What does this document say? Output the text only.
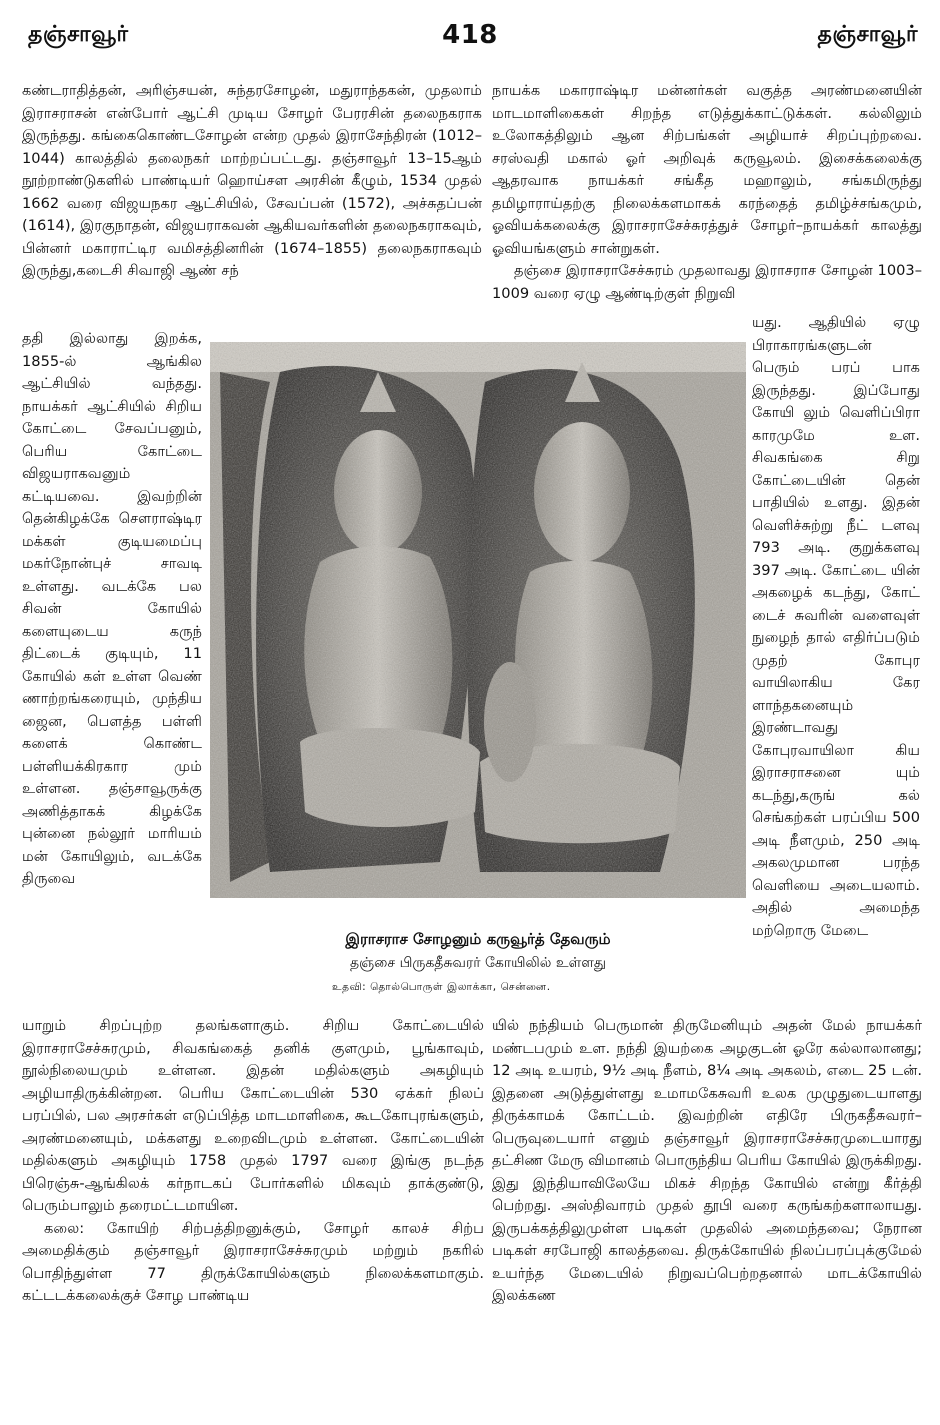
தஞ்சாவூர்	418	தஞ்சாவூர்

கண்டராதித்தன், அரிஞ்சயன், சுந்தரசோழன், மதுராந்தகன், முதலாம் இராசராசன் என்போர் ஆட்சி முடிய சோழர் பேரரசின் தலைநகராக இருந்தது. கங்கைகொண்டசோழன் என்ற முதல் இராசேந்திரன் (1012–1044) காலத்தில் தலைநகர் மாற்றப்பட்டது. தஞ்சாவூர் 13–15ஆம் நூற்றாண்டுகளில் பாண்டியர் ஹொய்சள அரசின் கீழும், 1534 முதல் 1662 வரை விஜயநகர ஆட்சியில், சேவப்பன் (1572), அச்சுதப்பன் (1614), இரகுநாதன், விஜயராகவன் ஆகியவர்களின் தலைநகராகவும், பின்னர் மகாராட்டிர வமிசத்தினரின் (1674–1855) தலைநகராகவும் இருந்து,கடைசி சிவாஜி ஆண் சந்

நாயக்க மகாராஷ்டிர மன்னர்கள் வகுத்த அரண்மனையின் மாடமாளிகைகள் சிறந்த எடுத்துக்காட்டுக்கள். கல்லிலும் உலோகத்திலும் ஆன சிற்பங்கள் அழியாச் சிறப்புற்றவை. சரஸ்வதி மகால் ஓர் அறிவுக் கருவூலம். இசைக்கலைக்கு ஆதரவாக நாயக்கர் சங்கீத மஹாலும், சங்கமிருந்து தமிழாராய்தற்கு நிலைக்களமாகக் கரந்தைத் தமிழ்ச்சங்கமும், ஓவியக்கலைக்கு இராசராசேச்சுரத்துச் சோழர்–நாயக்கர் காலத்து ஓவியங்களும் சான்றுகள்.

தஞ்சை இராசராசேச்சுரம் முதலாவது இராசராச சோழன் 1003–1009 வரை ஏழு ஆண்டிற்குள் நிறுவி

ததி இல்லாது இறக்க, 1855-ல் ஆங்கில ஆட்சியில் வந்தது. நாயக்கர் ஆட்சியில் சிறிய கோட்டை சேவப்பனும், பெரிய கோட்டை விஜயராகவனும் கட்டியவை. இவற்றின் தென்கிழக்கே சௌராஷ்டிர மக்கள் குடியமைப்பு மகர்நோன்புச் சாவடி உள்ளது. வடக்கே பல சிவன் கோயில் களையுடைய கருந் திட்டைக் குடியும், 11 கோயில் கள் உள்ள வெண் ணாற்றங்கரையும், முந்திய ஜைன, பௌத்த பள்ளி களைக் கொண்ட பள்ளியக்கிரகார மும் உள்ளன. தஞ்சாவூருக்கு அணித்தாகக் கிழக்கே புன்னை நல்லூர் மாரியம் மன் கோயிலும், வடக்கே திருவை

யது. ஆதியில் ஏழு பிராகாரங்களுடன் பெரும் பரப் பாக இருந்தது. இப்போது கோயி லும் வெளிப்பிரா காரமுமே உள. சிவகங்கை சிறு கோட்டையின் தென் பாதியில் உளது. இதன் வெளிச்சுற்று நீட் டளவு 793 அடி. குறுக்களவு 397 அடி. கோட்டை யின் அகழைக் கடந்து, கோட் டைச் சுவரின் வளைவுள் நுழைந் தால் எதிர்ப்படும் முதற் கோபுர வாயிலாகிய கேர ளாந்தகனையும் இரண்டாவது கோபுரவாயிலா கிய இராசராசனை யும் கடந்து,கருங் கல் செங்கற்கள் பரப்பிய 500 அடி நீளமும், 250 அடி அகலமுமான பரந்த வெளியை அடையலாம். அதில் அமைந்த மற்றொரு மேடை

இராசராச சோழனும் கருவூர்த் தேவரும்
தஞ்சை பிருகதீசுவரர் கோயிலில் உள்ளது
உதவி: தொல்பொருள் இலாக்கா, சென்னை.

யாறும் சிறப்புற்ற தலங்களாகும். சிறிய கோட்டையில் இராசராசேச்சுரமும், சிவகங்கைத் தனிக் குளமும், பூங்காவும், நூல்நிலையமும் உள்ளன. இதன் மதில்களும் அகழியும் அழியாதிருக்கின்றன. பெரிய கோட்டையின் 530 ஏக்கர் நிலப் பரப்பில், பல அரசர்கள் எடுப்பித்த மாடமாளிகை, கூடகோபுரங்களும், அரண்மனையும், மக்களது உறைவிடமும் உள்ளன. கோட்டையின் மதில்களும் அகழியும் 1758 முதல் 1797 வரை இங்கு நடந்த பிரெஞ்சு-ஆங்கிலக் கர்நாடகப் போர்களில் மிகவும் தாக்குண்டு, பெரும்பாலும் தரைமட்டமாயின.

கலை: கோயிற் சிற்பத்திறனுக்கும், சோழர் காலச் சிற்ப அமைதிக்கும் தஞ்சாவூர் இராசராசேச்சுரமும் மற்றும் நகரில் பொதிந்துள்ள 77 திருக்கோயில்களும் நிலைக்களமாகும். கட்டடக்கலைக்குச் சோழ பாண்டிய

யில் நந்தியம் பெருமான் திருமேனியும் அதன் மேல் நாயக்கர் மண்டபமும் உள. நந்தி இயற்கை அழகுடன் ஓரே கல்லாலானது; 12 அடி உயரம், 9½ அடி நீளம், 8¼ அடி அகலம், எடை 25 டன். இதனை அடுத்துள்ளது உமாமகேசுவரி உலக முழுதுடையாளது திருக்காமக் கோட்டம். இவற்றின் எதிரே பிருகதீசுவரர்–பெருவுடையார் எனும் தஞ்சாவூர் இராசராசேச்சுரமுடையாரது தட்சிண மேரு விமானம் பொருந்திய பெரிய கோயில் இருக்கிறது. இது இந்தியாவிலேயே மிகச் சிறந்த கோயில் என்று கீர்த்தி பெற்றது. அஸ்திவாரம் முதல் தூபி வரை கருங்கற்களாலாயது. இருபக்கத்திலுமுள்ள படிகள் முதலில் அமைந்தவை; நேரான படிகள் சரபோஜி காலத்தவை. திருக்கோயில் நிலப்பரப்புக்குமேல் உயர்ந்த மேடையில் நிறுவப்பெற்றதனால் மாடக்கோயில் இலக்கண
